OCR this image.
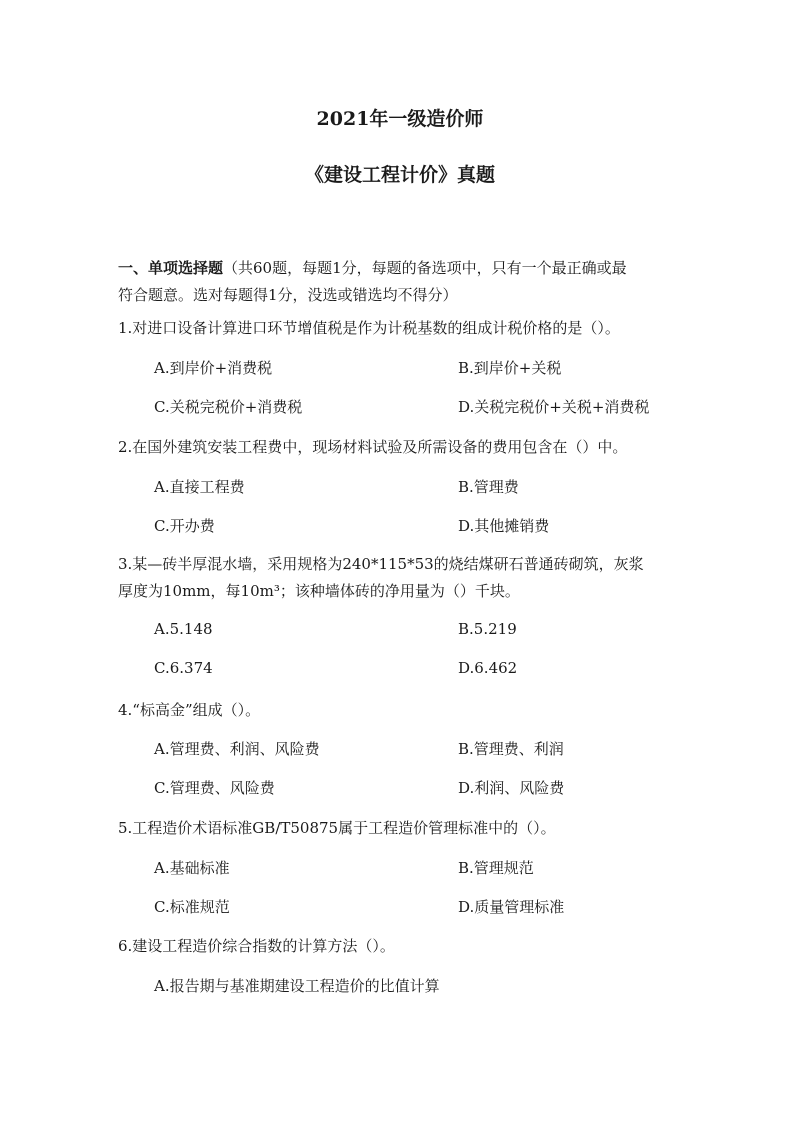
2021年一级造价师
《建设工程计价》真题
一、单项选择题（共60题，每题1分，每题的备选项中，只有一个最正确或最
符合题意。选对每题得1分，没选或错选均不得分）
1.对进口设备计算进口环节增值税是作为计税基数的组成计税价格的是（）。
A.到岸价+消费税	B.到岸价+关税
C.关税完税价+消费税	D.关税完税价+关税+消费税
2.在国外建筑安装工程费中，现场材料试验及所需设备的费用包含在（）中。
A.直接工程费	B.管理费
C.开办费	D.其他摊销费
3.某—砖半厚混水墙，采用规格为240*115*53的烧结煤研石普通砖砌筑，灰浆
厚度为10mm，每10m³；该种墙体砖的净用量为（）千块。
A.5.148	B.5.219
C.6.374	D.6.462
4.“标高金”组成（）。
A.管理费、利润、风险费	B.管理费、利润
C.管理费、风险费	D.利润、风险费
5.工程造价术语标准GB/T50875属于工程造价管理标准中的（）。
A.基础标准	B.管理规范
C.标准规范	D.质量管理标准
6.建设工程造价综合指数的计算方法（）。
A.报告期与基准期建设工程造价的比值计算
